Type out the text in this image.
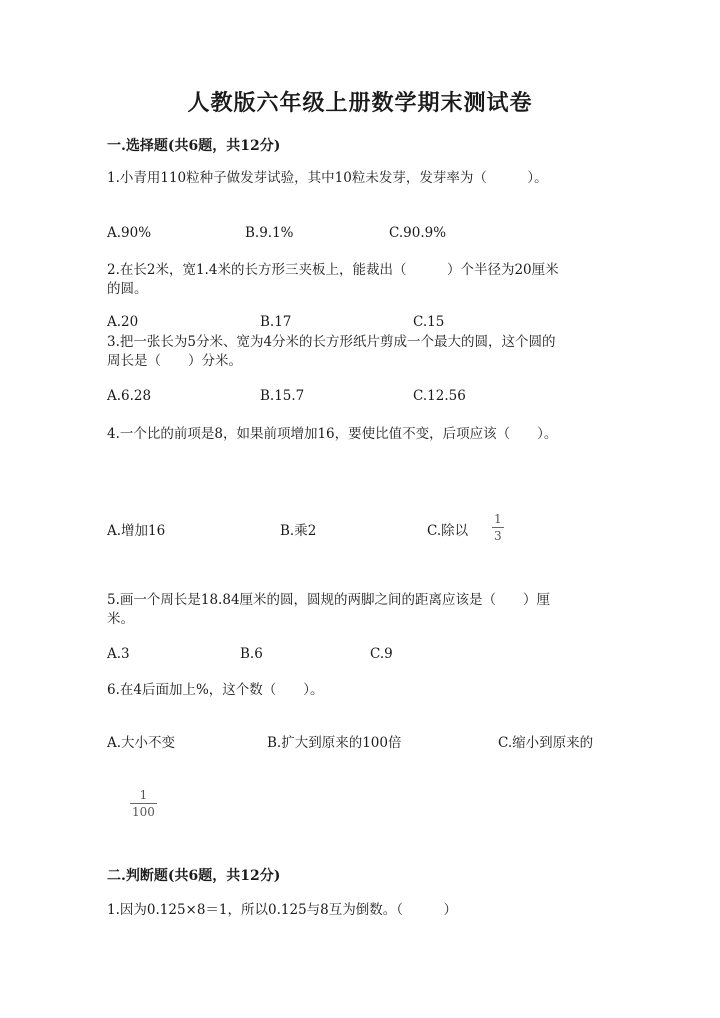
人教版六年级上册数学期末测试卷
一.选择题(共6题，共12分)
1.小青用110粒种子做发芽试验，其中10粒未发芽，发芽率为（　　　）。
A.90%	B.9.1%	C.90.9%
2.在长2米，宽1.4米的长方形三夹板上，能裁出（　　　）个半径为20厘米
的圆。
A.20	B.17	C.15
3.把一张长为5分米、宽为4分米的长方形纸片剪成一个最大的圆，这个圆的
周长是（　　）分米。
A.6.28	B.15.7	C.12.56
4.一个比的前项是8，如果前项增加16，要使比值不变，后项应该（　　）。
A.增加16	B.乘2	C.除以
1
3
5.画一个周长是18.84厘米的圆，圆规的两脚之间的距离应该是（　　）厘
米。
A.3	B.6	C.9
6.在4后面加上%，这个数（　　）。
A.大小不变	B.扩大到原来的100倍	C.缩小到原来的
1
100
二.判断题(共6题，共12分)
1.因为0.125×8＝1，所以0.125与8互为倒数。（　　　）
